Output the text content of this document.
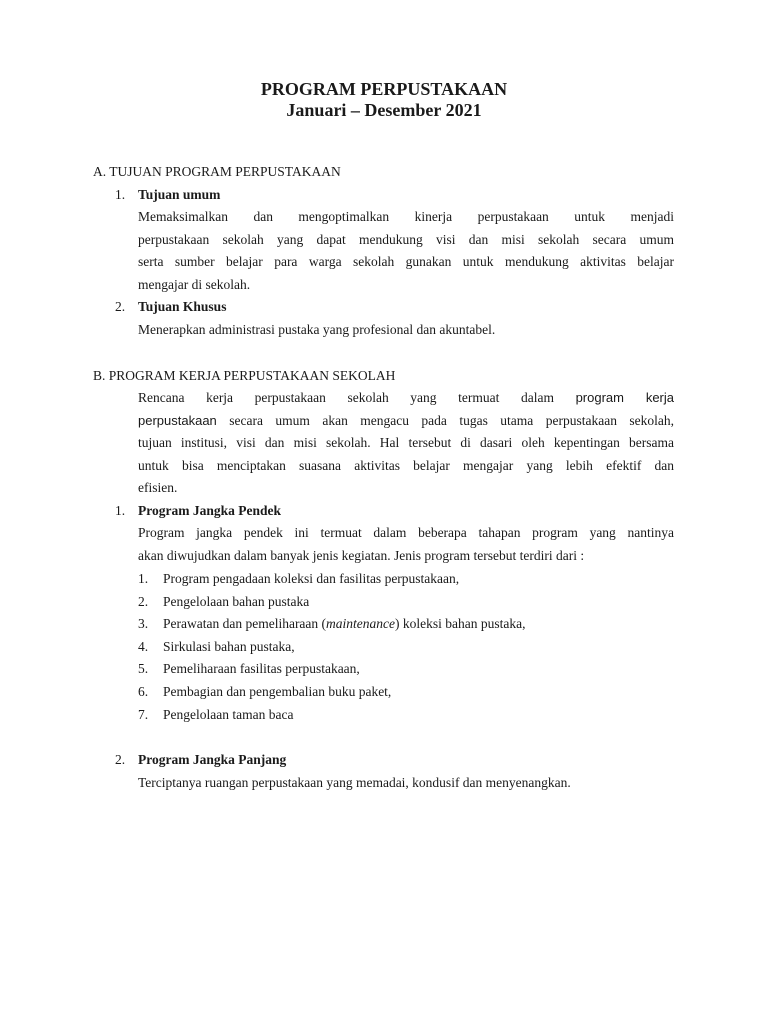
PROGRAM PERPUSTAKAAN
Januari – Desember 2021
A. TUJUAN PROGRAM PERPUSTAKAAN
1. Tujuan umum
Memaksimalkan dan mengoptimalkan kinerja perpustakaan untuk menjadi
perpustakaan sekolah yang dapat mendukung visi dan misi sekolah secara umum
serta sumber belajar para warga sekolah gunakan untuk mendukung aktivitas belajar
mengajar di sekolah.
2. Tujuan Khusus
Menerapkan administrasi pustaka yang profesional dan akuntabel.
B. PROGRAM KERJA PERPUSTAKAAN SEKOLAH
Rencana kerja perpustakaan sekolah yang termuat dalam program kerja
perpustakaan secara umum akan mengacu pada tugas utama perpustakaan sekolah,
tujuan institusi, visi dan misi sekolah. Hal tersebut di dasari oleh kepentingan bersama
untuk bisa menciptakan suasana aktivitas belajar mengajar yang lebih efektif dan
efisien.
1. Program Jangka Pendek
Program jangka pendek ini termuat dalam beberapa tahapan program yang nantinya
akan diwujudkan dalam banyak jenis kegiatan. Jenis program tersebut terdiri dari :
1. Program pengadaan koleksi dan fasilitas perpustakaan,
2. Pengelolaan bahan pustaka
3. Perawatan dan pemeliharaan (maintenance) koleksi bahan pustaka,
4. Sirkulasi bahan pustaka,
5. Pemeliharaan fasilitas perpustakaan,
6. Pembagian dan pengembalian buku paket,
7. Pengelolaan taman baca
2. Program Jangka Panjang
Terciptanya ruangan perpustakaan yang memadai, kondusif dan menyenangkan.
